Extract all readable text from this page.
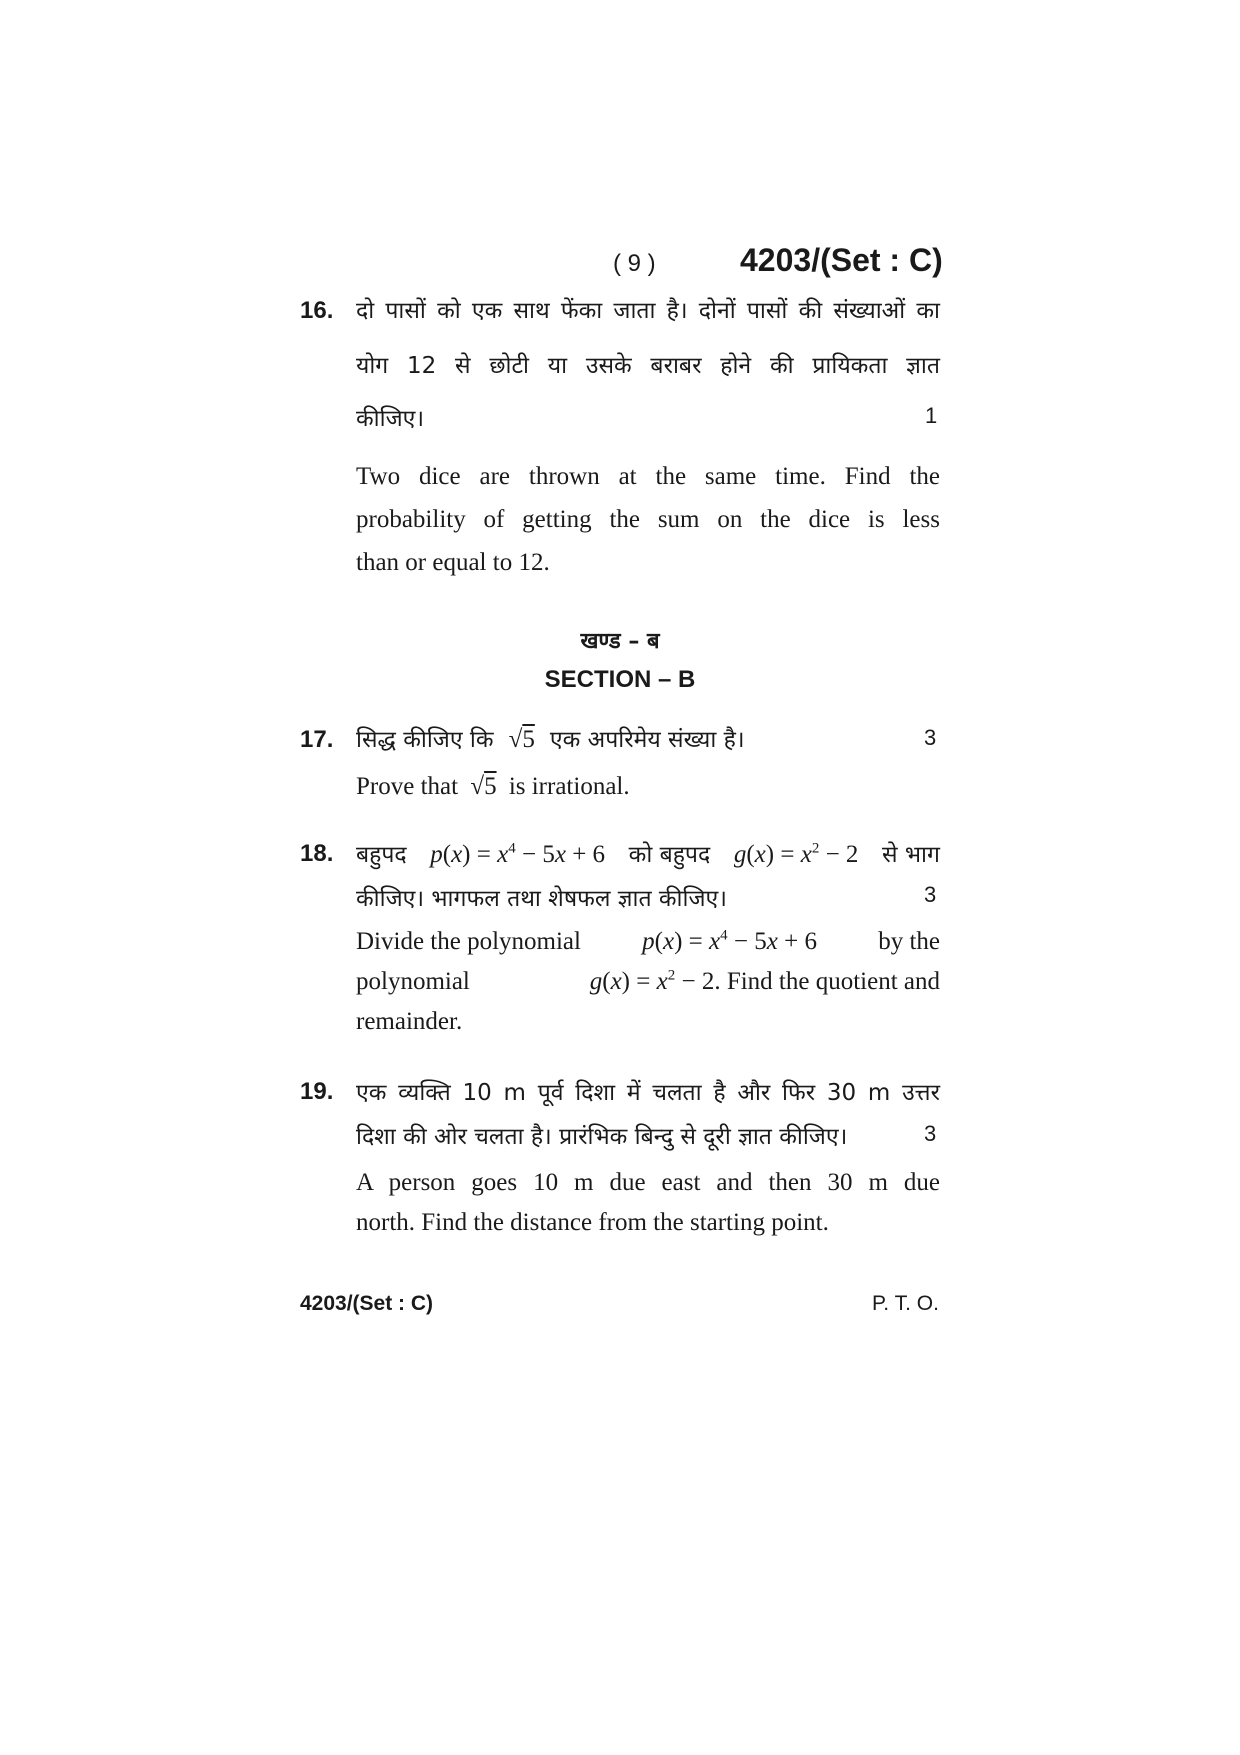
( 9 )	4203/(Set : C)
16. दो पासों को एक साथ फेंका जाता है। दोनों पासों की संख्याओं का
योग 12 से छोटी या उसके बराबर होने की प्रायिकता ज्ञात
कीजिए।	1
Two dice are thrown at the same time. Find the
probability of getting the sum on the dice is less
than or equal to 12.
खण्ड – ब
SECTION – B
17. सिद्ध कीजिए कि √5 एक अपरिमेय संख्या है।	3
Prove that √5 is irrational.
18. बहुपद $p(x) = x^4 - 5x + 6$ को बहुपद $g(x) = x^2 - 2$ से भाग
कीजिए। भागफल तथा शेषफल ज्ञात कीजिए।	3
Divide the polynomial $p(x) = x^4 - 5x + 6$ by the
polynomial	$g(x) = x^2 - 2$. Find the quotient and
remainder.
19. एक व्यक्ति 10 m पूर्व दिशा में चलता है और फिर 30 m उत्तर
दिशा की ओर चलता है। प्रारंभिक बिन्दु से दूरी ज्ञात कीजिए।	3
A person goes 10 m due east and then 30 m due
north. Find the distance from the starting point.
4203/(Set : C)	P. T. O.
